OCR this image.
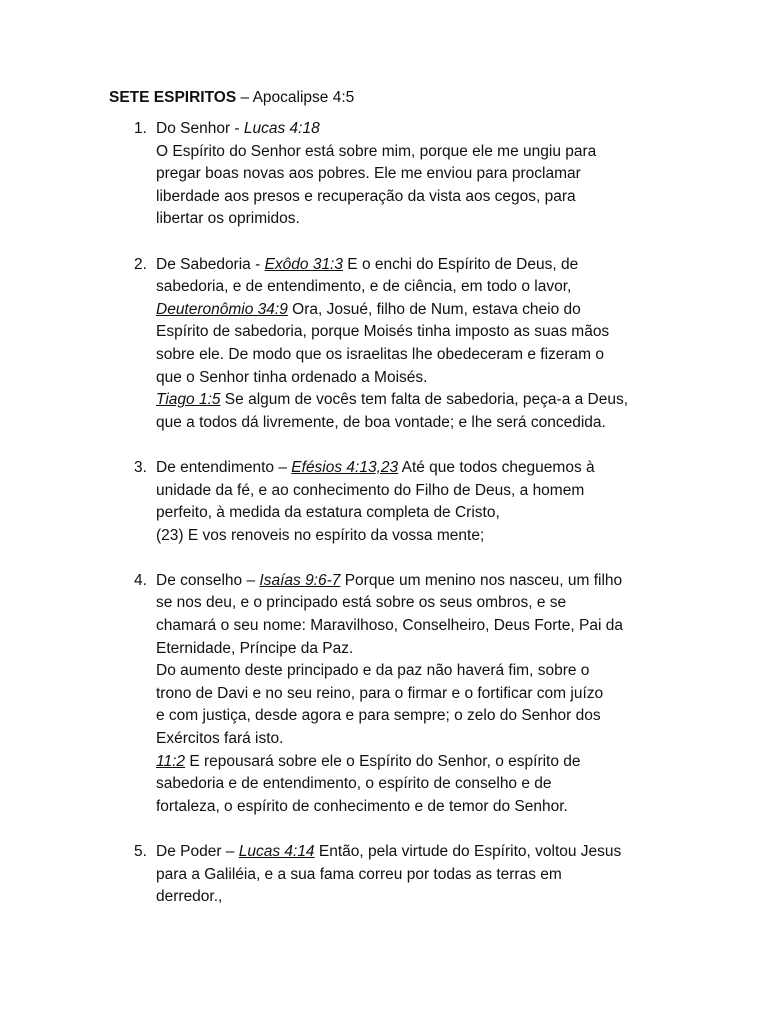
SETE ESPIRITOS – Apocalipse 4:5
1. Do Senhor - Lucas 4:18
O Espírito do Senhor está sobre mim, porque ele me ungiu para
pregar boas novas aos pobres. Ele me enviou para proclamar
liberdade aos presos e recuperação da vista aos cegos, para
libertar os oprimidos.
2. De Sabedoria - Exôdo 31:3 E o enchi do Espírito de Deus, de
sabedoria, e de entendimento, e de ciência, em todo o lavor,
Deuteronômio 34:9 Ora, Josué, filho de Num, estava cheio do
Espírito de sabedoria, porque Moisés tinha imposto as suas mãos
sobre ele. De modo que os israelitas lhe obedeceram e fizeram o
que o Senhor tinha ordenado a Moisés.
Tiago 1:5 Se algum de vocês tem falta de sabedoria, peça-a a Deus,
que a todos dá livremente, de boa vontade; e lhe será concedida.
3. De entendimento – Efésios 4:13,23 Até que todos cheguemos à
unidade da fé, e ao conhecimento do Filho de Deus, a homem
perfeito, à medida da estatura completa de Cristo,
(23) E vos renoveis no espírito da vossa mente;
4. De conselho – Isaías 9:6-7 Porque um menino nos nasceu, um filho
se nos deu, e o principado está sobre os seus ombros, e se
chamará o seu nome: Maravilhoso, Conselheiro, Deus Forte, Pai da
Eternidade, Príncipe da Paz.
Do aumento deste principado e da paz não haverá fim, sobre o
trono de Davi e no seu reino, para o firmar e o fortificar com juízo
e com justiça, desde agora e para sempre; o zelo do Senhor dos
Exércitos fará isto.
11:2 E repousará sobre ele o Espírito do Senhor, o espírito de
sabedoria e de entendimento, o espírito de conselho e de
fortaleza, o espírito de conhecimento e de temor do Senhor.
5. De Poder – Lucas 4:14 Então, pela virtude do Espírito, voltou Jesus
para a Galiléia, e a sua fama correu por todas as terras em
derredor.,
